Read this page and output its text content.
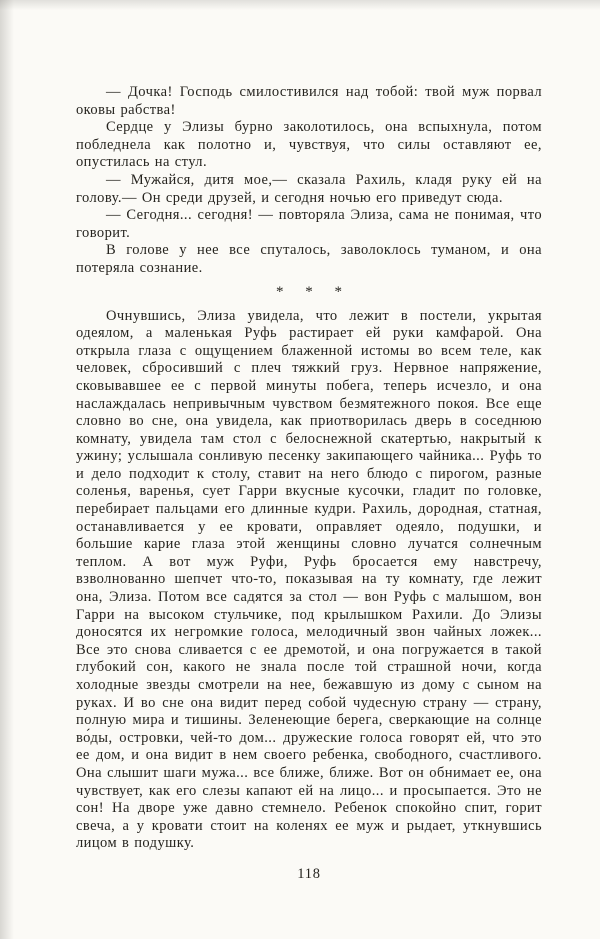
— Дочка! Господь смилостивился над тобой: твой муж порвал оковы рабства!

Сердце у Элизы бурно заколотилось, она вспыхнула, потом побледнела как полотно и, чувствуя, что силы оставляют ее, опустилась на стул.

— Мужайся, дитя мое,— сказала Рахиль, кладя руку ей на голову.— Он среди друзей, и сегодня ночью его приведут сюда.

— Сегодня... сегодня! — повторяла Элиза, сама не понимая, что говорит.

В голове у нее все спуталось, заволоклось туманом, и она потеряла сознание.

* * *

Очнувшись, Элиза увидела, что лежит в постели, укрытая одеялом, а маленькая Руфь растирает ей руки камфарой. Она открыла глаза с ощущением блаженной истомы во всем теле, как человек, сбросивший с плеч тяжкий груз. Нервное напряжение, сковывавшее ее с первой минуты побега, теперь исчезло, и она наслаждалась непривычным чувством безмятежного покоя. Все еще словно во сне, она увидела, как приотворилась дверь в соседнюю комнату, увидела там стол с белоснежной скатертью, накрытый к ужину; услышала сонливую песенку закипающего чайника... Руфь то и дело подходит к столу, ставит на него блюдо с пирогом, разные соленья, варенья, сует Гарри вкусные кусочки, гладит по головке, перебирает пальцами его длинные кудри. Рахиль, дородная, статная, останавливается у ее кровати, оправляет одеяло, подушки, и большие карие глаза этой женщины словно лучатся солнечным теплом. А вот муж Руфи, Руфь бросается ему навстречу, взволнованно шепчет что-то, показывая на ту комнату, где лежит она, Элиза. Потом все садятся за стол — вон Руфь с малышом, вон Гарри на высоком стульчике, под крылышком Рахили. До Элизы доносятся их негромкие голоса, мелодичный звон чайных ложек... Все это снова сливается с ее дремотой, и она погружается в такой глубокий сон, какого не знала после той страшной ночи, когда холодные звезды смотрели на нее, бежавшую из дому с сыном на руках. И во сне она видит перед собой чудесную страну — страну, полную мира и тишины. Зеленеющие берега, сверкающие на солнце во́ды, островки, чей-то дом... дружеские голоса говорят ей, что это ее дом, и она видит в нем своего ребенка, свободного, счастливого. Она слышит шаги мужа... все ближе, ближе. Вот он обнимает ее, она чувствует, как его слезы капают ей на лицо... и просыпается. Это не сон! На дворе уже давно стемнело. Ребенок спокойно спит, горит свеча, а у кровати стоит на коленях ее муж и рыдает, уткнувшись лицом в подушку.

118
